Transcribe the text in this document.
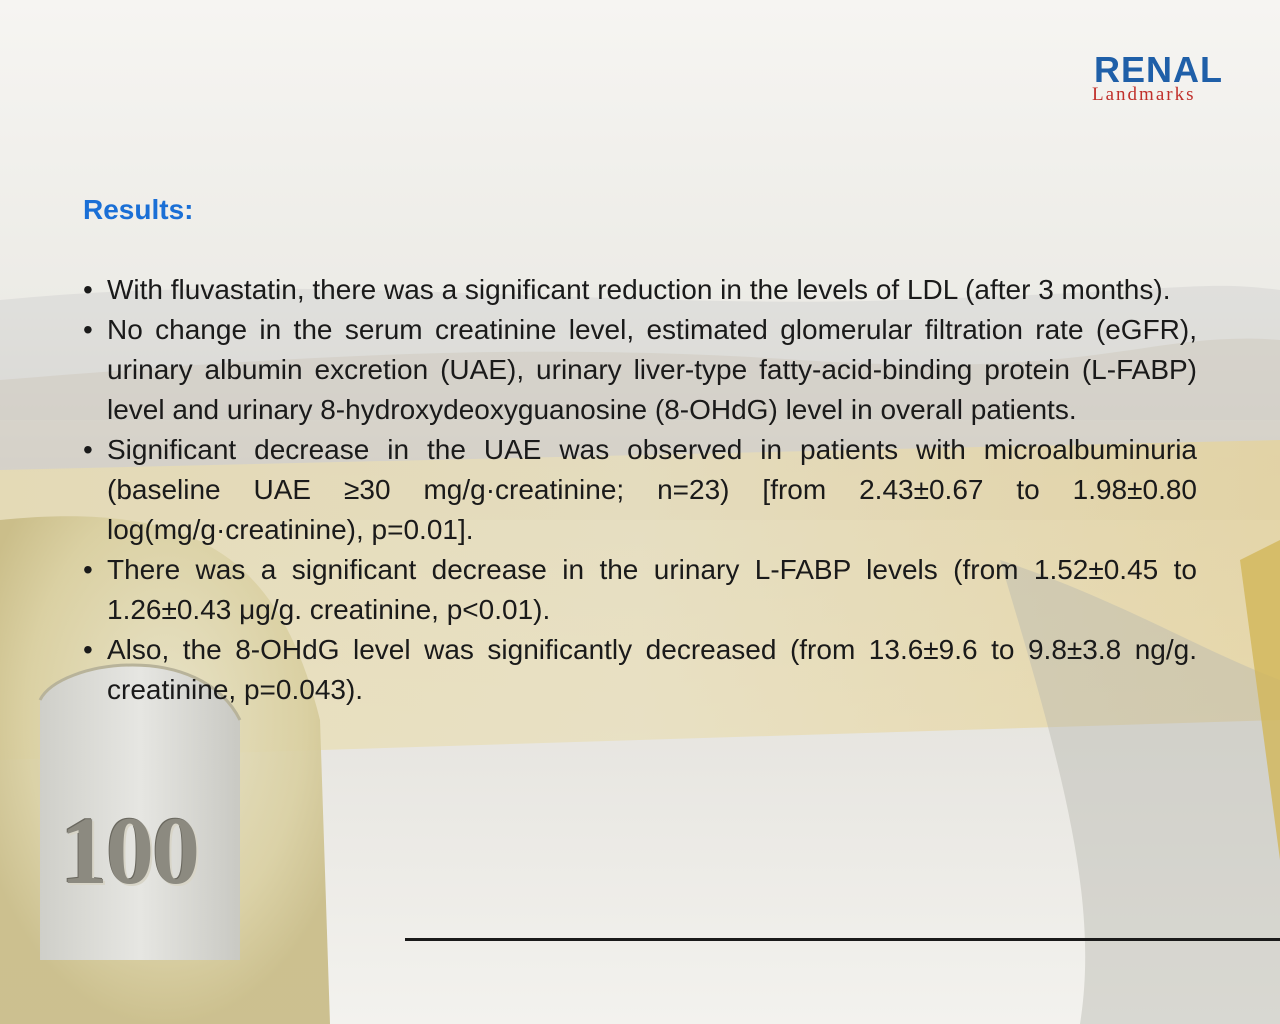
RENAL
Landmarks
Results:
• With fluvastatin, there was a significant reduction in the levels of LDL (after 3 months).
• No change in the serum creatinine level, estimated glomerular filtration rate (eGFR), urinary albumin excretion (UAE), urinary liver-type fatty-acid-binding protein (L-FABP) level and urinary 8-hydroxydeoxyguanosine (8-OHdG) level in overall patients.
• Significant decrease in the UAE was observed in patients with microalbuminuria (baseline UAE ≥30 mg/g·creatinine; n=23) [from 2.43±0.67 to 1.98±0.80 log(mg/g·creatinine), p=0.01].
• There was a significant decrease in the urinary L-FABP levels (from 1.52±0.45 to 1.26±0.43 μg/g. creatinine, p<0.01).
• Also, the 8-OHdG level was significantly decreased (from 13.6±9.6 to 9.8±3.8 ng/g. creatinine, p=0.043).
100
